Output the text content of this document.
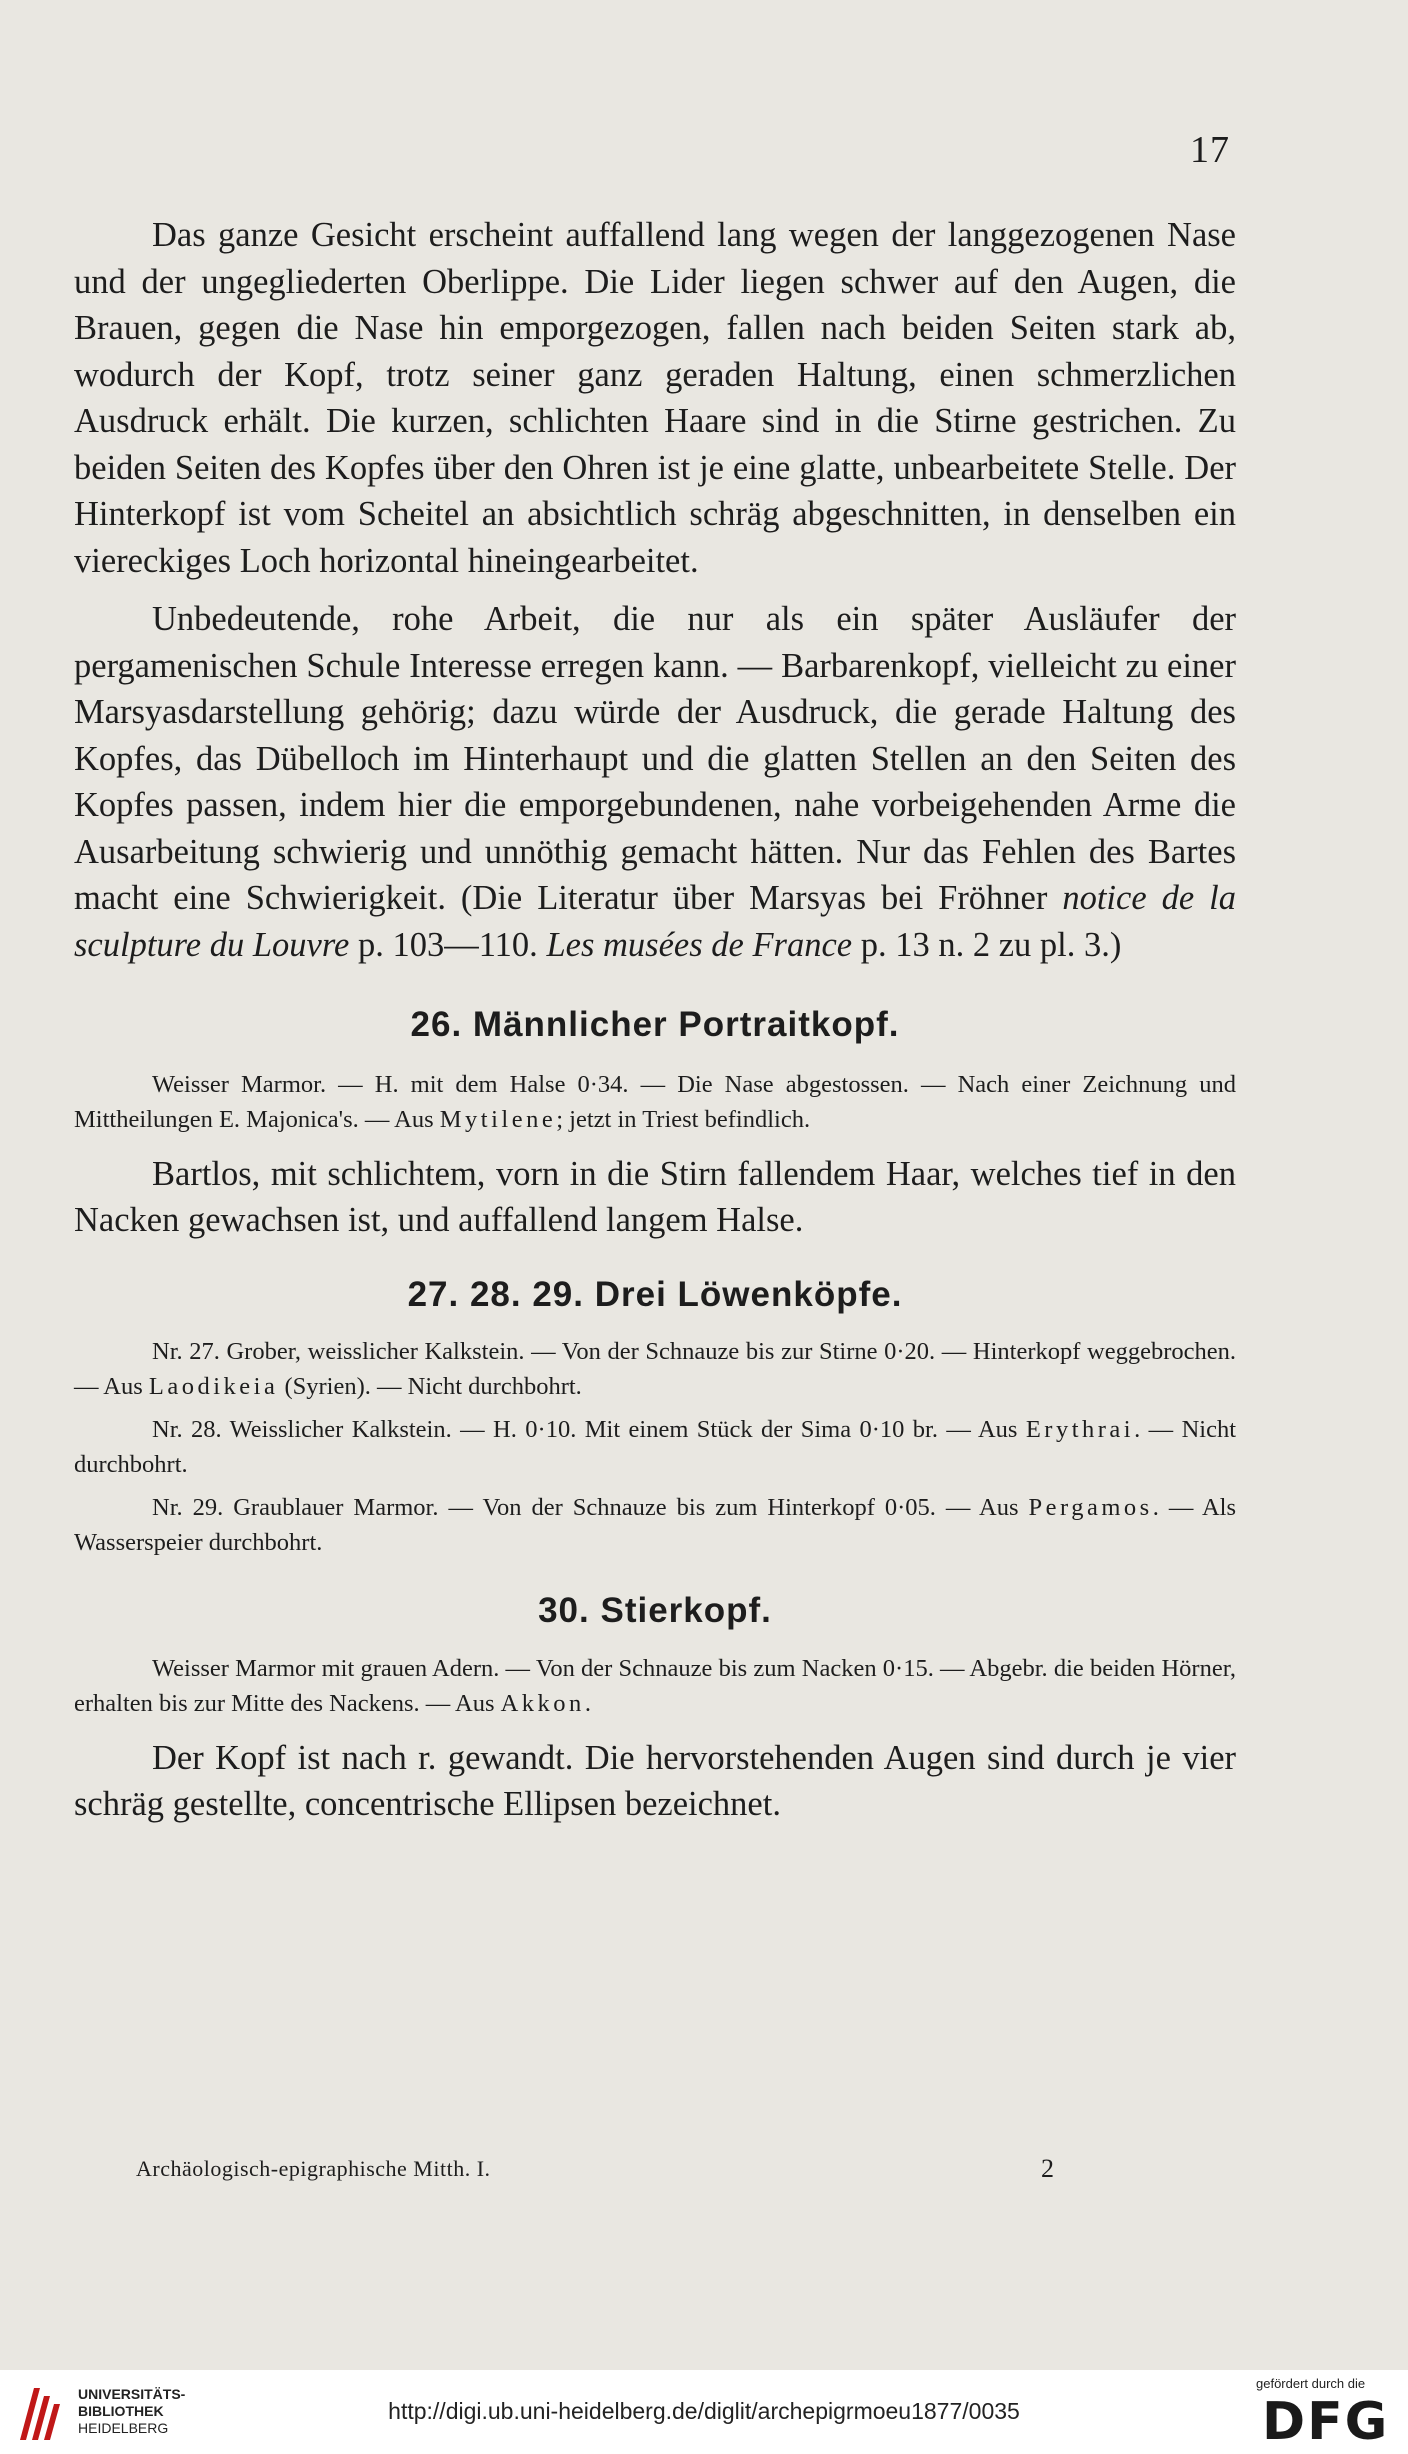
17

Das ganze Gesicht erscheint auffallend lang wegen der langgezogenen Nase und der ungegliederten Oberlippe. Die Lider liegen schwer auf den Augen, die Brauen, gegen die Nase hin emporgezogen, fallen nach beiden Seiten stark ab, wodurch der Kopf, trotz seiner ganz geraden Haltung, einen schmerzlichen Ausdruck erhält. Die kurzen, schlichten Haare sind in die Stirne gestrichen. Zu beiden Seiten des Kopfes über den Ohren ist je eine glatte, unbearbeitete Stelle. Der Hinterkopf ist vom Scheitel an absichtlich schräg abgeschnitten, in denselben ein viereckiges Loch horizontal hineingearbeitet.

Unbedeutende, rohe Arbeit, die nur als ein später Ausläufer der pergamenischen Schule Interesse erregen kann. — Barbarenkopf, vielleicht zu einer Marsyasdarstellung gehörig; dazu würde der Ausdruck, die gerade Haltung des Kopfes, das Dübelloch im Hinterhaupt und die glatten Stellen an den Seiten des Kopfes passen, indem hier die emporgebundenen, nahe vorbeigehenden Arme die Ausarbeitung schwierig und unnöthig gemacht hätten. Nur das Fehlen des Bartes macht eine Schwierigkeit. (Die Literatur über Marsyas bei Fröhner notice de la sculpture du Louvre p. 103—110. Les musées de France p. 13 n. 2 zu pl. 3.)

26. Männlicher Portraitkopf.

Weisser Marmor. — H. mit dem Halse 0·34. — Die Nase abgestossen. — Nach einer Zeichnung und Mittheilungen E. Majonica's. — Aus Mytilene; jetzt in Triest befindlich.

Bartlos, mit schlichtem, vorn in die Stirn fallendem Haar, welches tief in den Nacken gewachsen ist, und auffallend langem Halse.

27. 28. 29. Drei Löwenköpfe.

Nr. 27. Grober, weisslicher Kalkstein. — Von der Schnauze bis zur Stirne 0·20. — Hinterkopf weggebrochen. — Aus Laodikeia (Syrien). — Nicht durchbohrt.

Nr. 28. Weisslicher Kalkstein. — H. 0·10. Mit einem Stück der Sima 0·10 br. — Aus Erythrai. — Nicht durchbohrt.

Nr. 29. Graublauer Marmor. — Von der Schnauze bis zum Hinterkopf 0·05. — Aus Pergamos. — Als Wasserspeier durchbohrt.

30. Stierkopf.

Weisser Marmor mit grauen Adern. — Von der Schnauze bis zum Nacken 0·15. — Abgebr. die beiden Hörner, erhalten bis zur Mitte des Nackens. — Aus Akkon.

Der Kopf ist nach r. gewandt. Die hervorstehenden Augen sind durch je vier schräg gestellte, concentrische Ellipsen bezeichnet.

Archäologisch-epigraphische Mitth. I.	2
UNIVERSITÄTS-
BIBLIOTHEK
HEIDELBERG
http://digi.ub.uni-heidelberg.de/diglit/archepigrmoeu1877/0035
gefördert durch die
DFG
